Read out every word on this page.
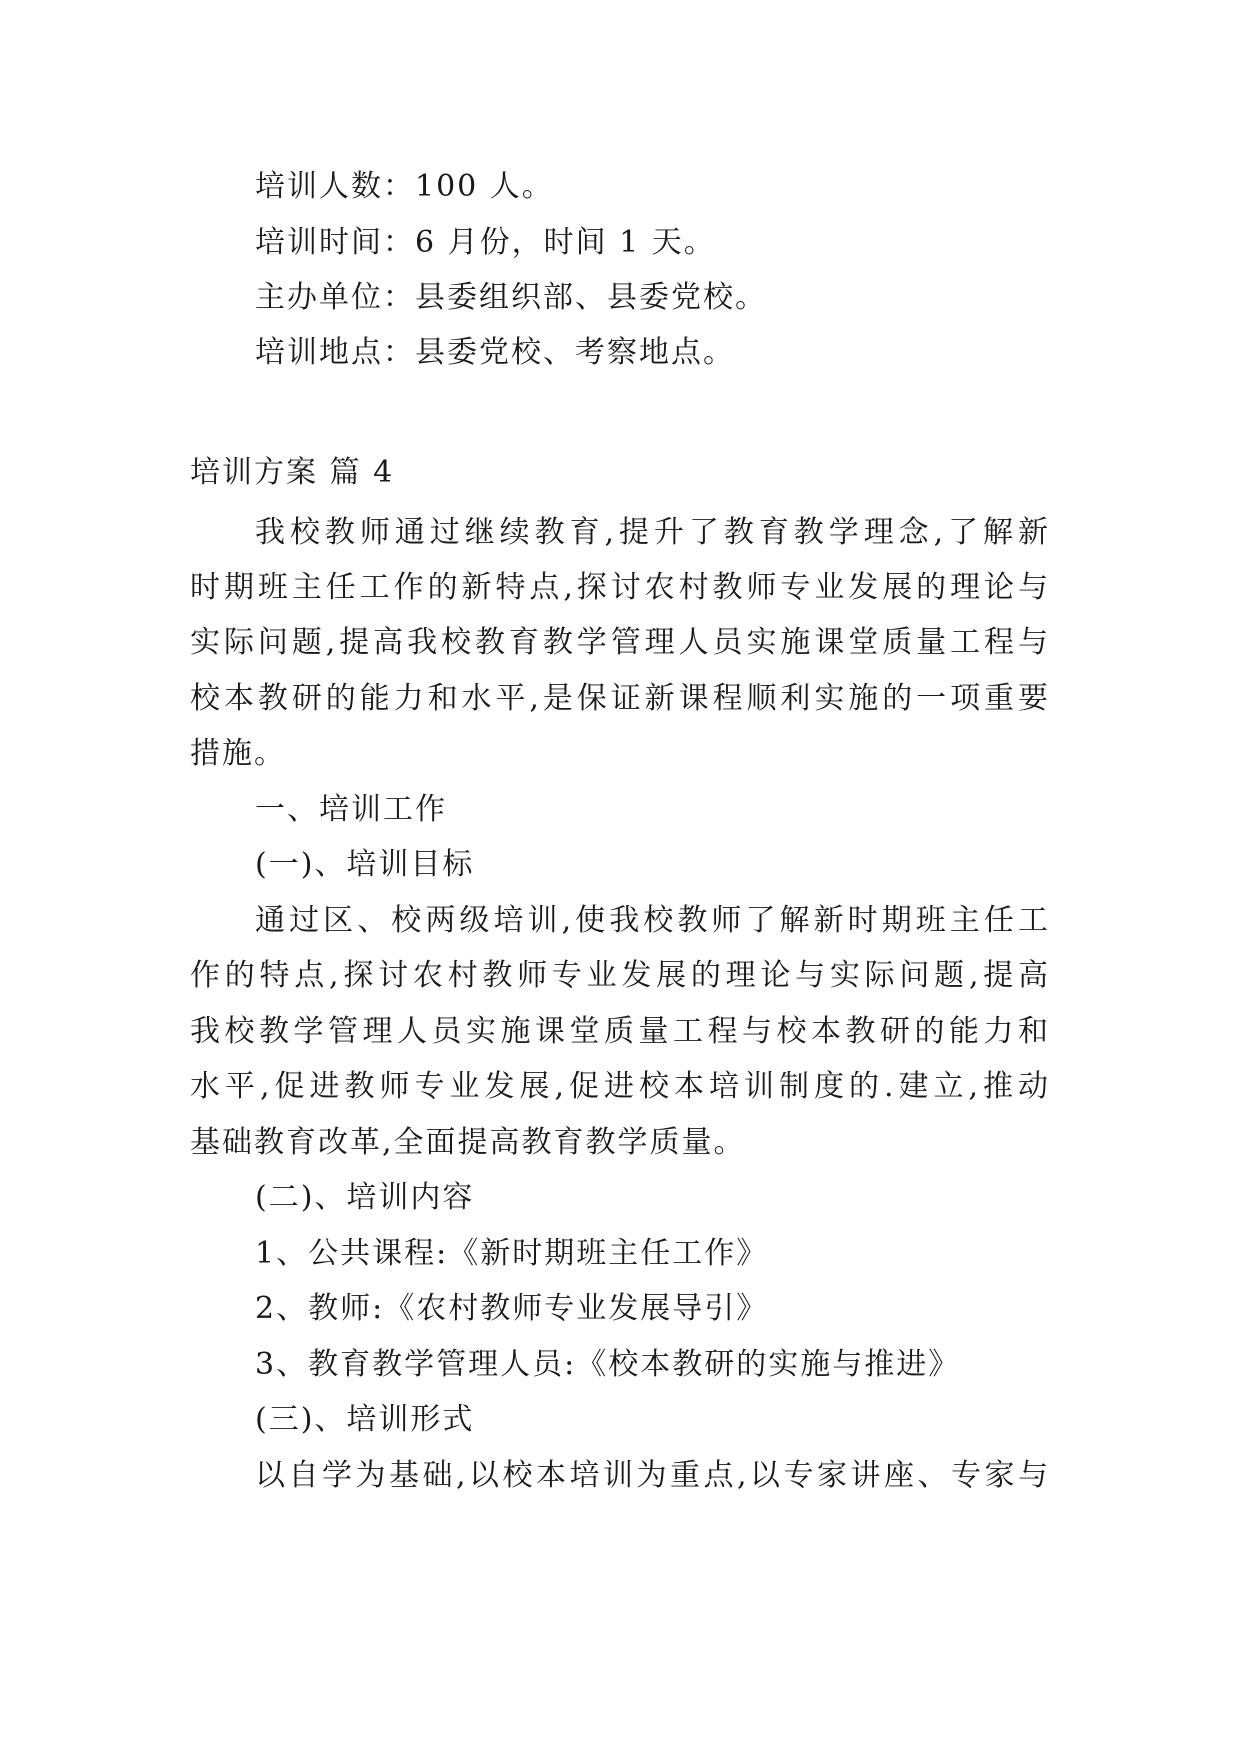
培训人数：100 人。
培训时间：6 月份，时间 1 天。
主办单位：县委组织部、县委党校。
培训地点：县委党校、考察地点。
培训方案 篇 4
我校教师通过继续教育,提升了教育教学理念,了解新
时期班主任工作的新特点,探讨农村教师专业发展的理论与
实际问题,提高我校教育教学管理人员实施课堂质量工程与
校本教研的能力和水平,是保证新课程顺利实施的一项重要
措施。
一、培训工作
(一)、培训目标
通过区、校两级培训,使我校教师了解新时期班主任工
作的特点,探讨农村教师专业发展的理论与实际问题,提高
我校教学管理人员实施课堂质量工程与校本教研的能力和
水平,促进教师专业发展,促进校本培训制度的.建立,推动
基础教育改革,全面提高教育教学质量。
(二)、培训内容
1、公共课程:《新时期班主任工作》
2、教师:《农村教师专业发展导引》
3、教育教学管理人员:《校本教研的实施与推进》
(三)、培训形式
以自学为基础,以校本培训为重点,以专家讲座、专家与
